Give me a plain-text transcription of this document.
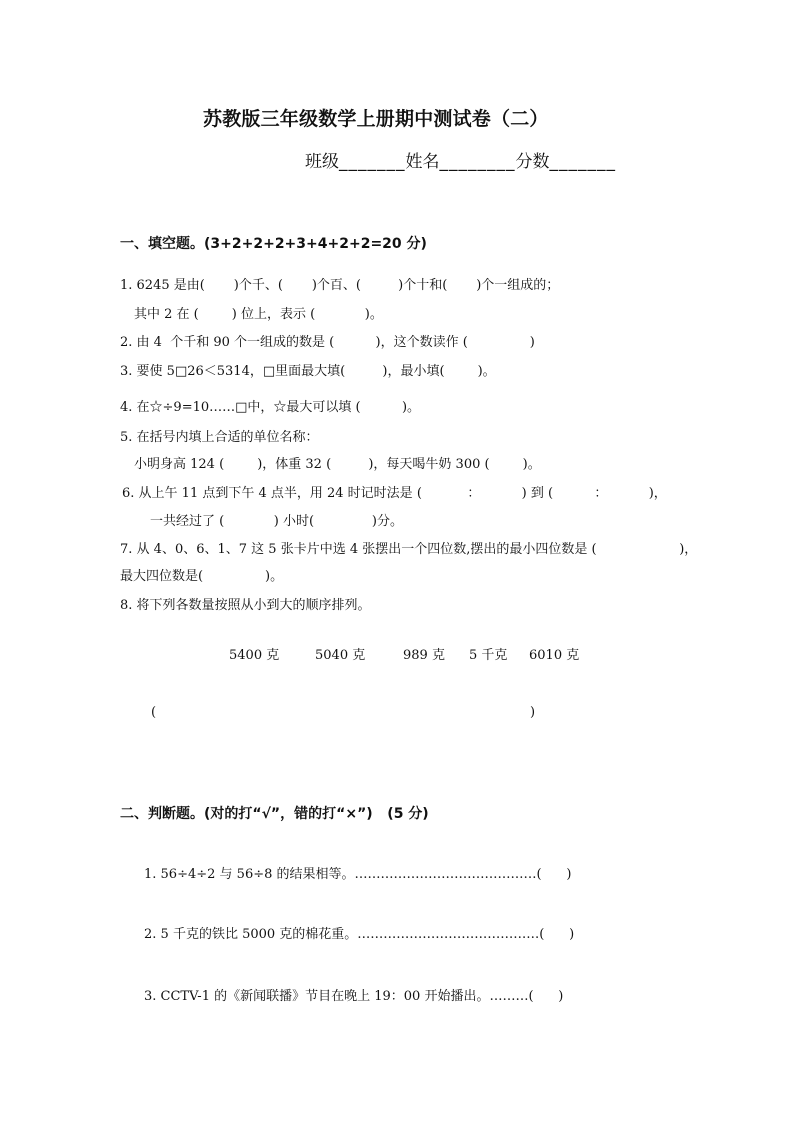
苏教版三年级数学上册期中测试卷（二）
班级_______姓名________分数_______
一、填空题。(3+2+2+2+3+4+2+2=20 分)
1. 6245 是由(       )个千、(       )个百、(         )个十和(       )个一组成的；
其中 2 在 (        ) 位上，表示 (            )。
2. 由 4  个千和 90 个一组成的数是 (          )，这个数读作 (               )
3. 要使 5□26＜5314，□里面最大填(         )，最小填(        )。
4. 在☆÷9=10……□中，☆最大可以填 (          )。
5. 在括号内填上合适的单位名称：
小明身高 124 (        )，体重 32 (         )，每天喝牛奶 300 (        )。
6. 从上午 11 点到下午 4 点半，用 24 时记时法是 (           ：          ) 到 (          ：          )，
一共经过了 (            ) 小时(              )分。
7. 从 4、0、6、1、7 这 5 张卡片中选 4 张摆出一个四位数,摆出的最小四位数是 (                    )，
最大四位数是(               )。
8. 将下列各数量按照从小到大的顺序排列。
5400 克	5040 克	989 克 5 千克 6010 克
(	)
二、判断题。(对的打“√”，错的打“×”)   (5 分)
1. 56÷4÷2 与 56÷8 的结果相等。……………………………………(      )
2. 5 千克的铁比 5000 克的棉花重。……………………………………(      )
3. CCTV-1 的《新闻联播》节目在晚上 19：00 开始播出。………(      )
